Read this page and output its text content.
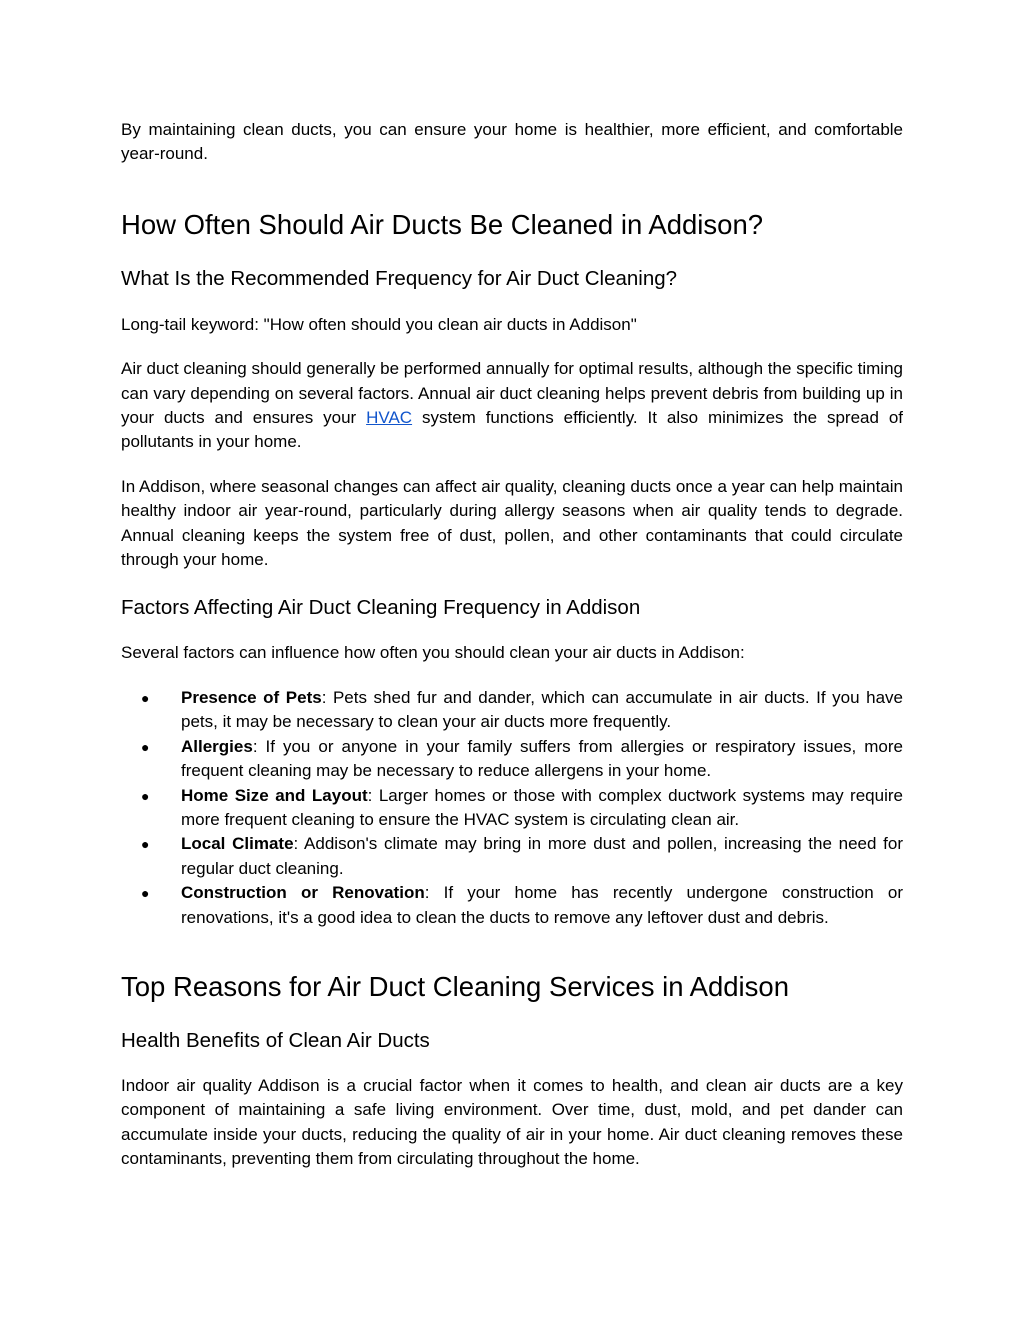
By maintaining clean ducts, you can ensure your home is healthier, more efficient, and comfortable year-round.

How Often Should Air Ducts Be Cleaned in Addison?
What Is the Recommended Frequency for Air Duct Cleaning?

Long-tail keyword: "How often should you clean air ducts in Addison"

Air duct cleaning should generally be performed annually for optimal results, although the specific timing can vary depending on several factors. Annual air duct cleaning helps prevent debris from building up in your ducts and ensures your HVAC system functions efficiently. It also minimizes the spread of pollutants in your home.

In Addison, where seasonal changes can affect air quality, cleaning ducts once a year can help maintain healthy indoor air year-round, particularly during allergy seasons when air quality tends to degrade. Annual cleaning keeps the system free of dust, pollen, and other contaminants that could circulate through your home.

Factors Affecting Air Duct Cleaning Frequency in Addison

Several factors can influence how often you should clean your air ducts in Addison:

● Presence of Pets: Pets shed fur and dander, which can accumulate in air ducts. If you have pets, it may be necessary to clean your air ducts more frequently.
● Allergies: If you or anyone in your family suffers from allergies or respiratory issues, more frequent cleaning may be necessary to reduce allergens in your home.
● Home Size and Layout: Larger homes or those with complex ductwork systems may require more frequent cleaning to ensure the HVAC system is circulating clean air.
● Local Climate: Addison's climate may bring in more dust and pollen, increasing the need for regular duct cleaning.
● Construction or Renovation: If your home has recently undergone construction or renovations, it's a good idea to clean the ducts to remove any leftover dust and debris.
Top Reasons for Air Duct Cleaning Services in Addison
Health Benefits of Clean Air Ducts

Indoor air quality Addison is a crucial factor when it comes to health, and clean air ducts are a key component of maintaining a safe living environment. Over time, dust, mold, and pet dander can accumulate inside your ducts, reducing the quality of air in your home. Air duct cleaning removes these contaminants, preventing them from circulating throughout the home.
